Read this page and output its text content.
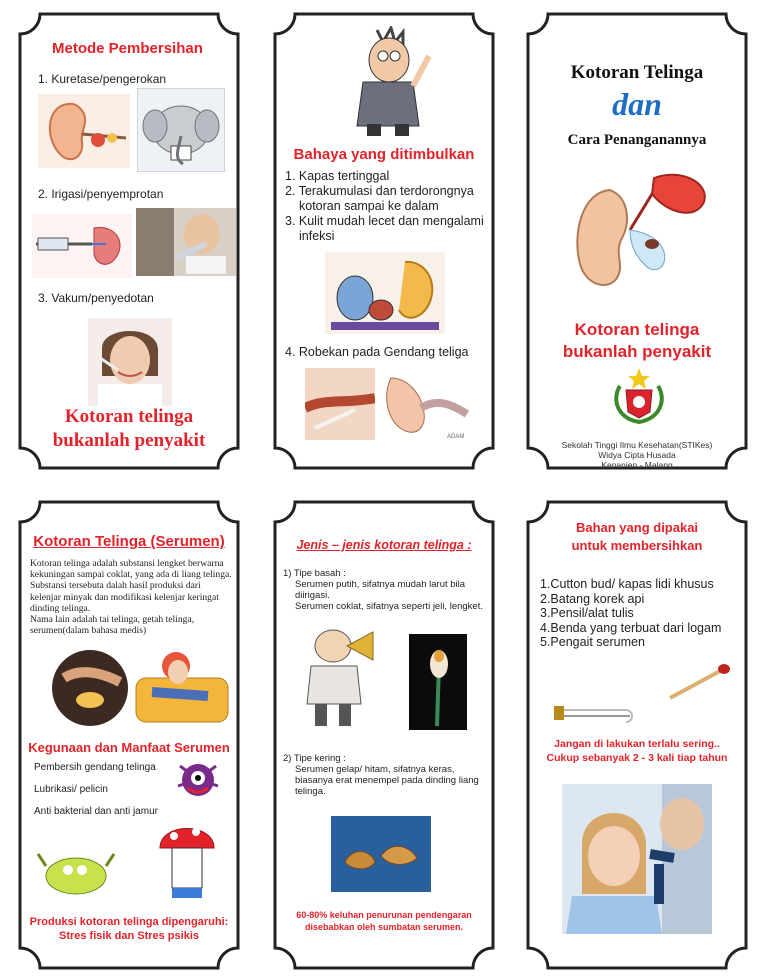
Metode Pembersihan
1. Kuretase/pengerokan
2. Irigasi/penyemprotan
3. Vakum/penyedotan
Kotoran telinga
bukanlah penyakit
Bahaya yang ditimbulkan
1. Kapas tertinggal
2. Terakumulasi dan terdorongnya
kotoran sampai ke dalam
3. Kulit mudah lecet dan mengalami
infeksi
4. Robekan pada Gendang teliga
ADAM
Kotoran Telinga
dan
Cara Penanganannya
Kotoran telinga
bukanlah penyakit
Sekolah Tinggi Ilmu Kesehatan(STIKes)
Widya Cipta Husada
Kepanjen - Malang
Kotoran Telinga (Serumen)
Kotoran telinga adalah substansi lengket berwarna
kekuningan sampai coklat, yang ada di liang telinga.
Substansi tersebuta dalah hasil produksi dari
kelenjar minyak dan modifikasi kelenjar keringat
dinding telinga.
Nama lain adalah tai telinga, getah telinga,
serumen(dalam bahasa medis)
Kegunaan dan Manfaat Serumen
Pembersih gendang telinga
Lubrikasi/ pelicin
Anti bakterial dan anti jamur
Produksi kotoran telinga dipengaruhi:
Stres fisik dan Stres psikis
Jenis – jenis kotoran telinga :
1) Tipe basah :
Serumen putih, sifatnya mudah larut bila
diirigasi.
Serumen coklat, sifatnya seperti jeli, lengket.
2) Tipe kering :
Serumen gelap/ hitam, sifatnya keras,
biasanya erat menempel pada dinding liang
telinga.
60-80% keluhan penurunan pendengaran
disebabkan oleh sumbatan serumen.
Bahan yang dipakai
untuk membersihkan
1.Cutton bud/ kapas lidi khusus
2.Batang korek api
3.Pensil/alat tulis
4.Benda yang terbuat dari logam
5.Pengait serumen
Jangan di lakukan terlalu sering..
Cukup sebanyak 2 - 3 kali tiap tahun
